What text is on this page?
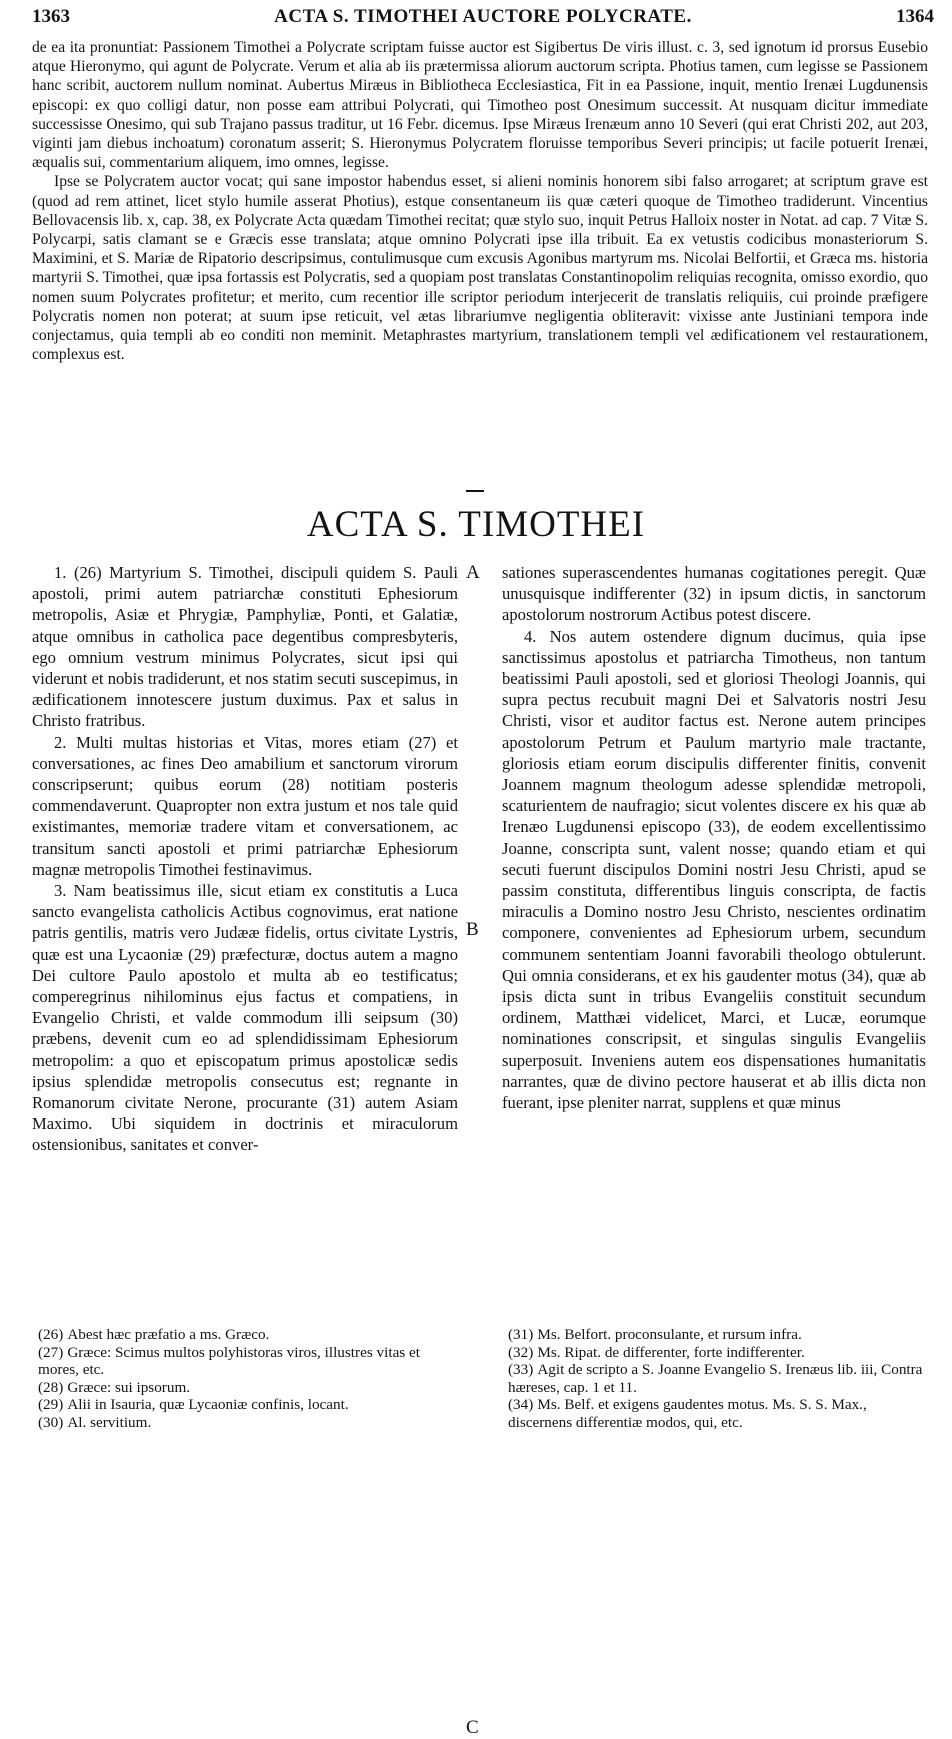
1363	ACTA S. TIMOTHEI AUCTORE POLYCRATE.	1364

de ea ita pronuntiat: Passionem Timothei a Polycrate scriptam fuisse auctor est Sigibertus De viris illust. c. 3, sed ignotum id prorsus Eusebio atque Hieronymo, qui agunt de Polycrate. Verum et alia ab iis prætermissa aliorum auctorum scripta. Photius tamen, cum legisse se Passionem hanc scribit, auctorem nullum nominat. Aubertus Miræus in Bibliotheca Ecclesiastica, Fit in ea Passione, inquit, mentio Irenæi Lugdunensis episcopi: ex quo colligi datur, non posse eam attribui Polycrati, qui Timotheo post Onesimum successit. At nusquam dicitur immediate successisse Onesimo, qui sub Trajano passus traditur, ut 16 Febr. dicemus. Ipse Miræus Irenæum anno 10 Severi (qui erat Christi 202, aut 203, viginti jam diebus inchoatum) coronatum asserit; S. Hieronymus Polycratem floruisse temporibus Severi principis; ut facile potuerit Irenæi, æqualis sui, commentarium aliquem, imo omnes, legisse.

Ipse se Polycratem auctor vocat; qui sane impostor habendus esset, si alieni nominis honorem sibi falso arrogaret; at scriptum grave est (quod ad rem attinet, licet stylo humile asserat Photius), estque consentaneum iis quæ cæteri quoque de Timotheo tradiderunt. Vincentius Bellovacensis lib. x, cap. 38, ex Polycrate Acta quædam Timothei recitat; quæ stylo suo, inquit Petrus Halloix noster in Notat. ad cap. 7 Vitæ S. Polycarpi, satis clamant se e Græcis esse translata; atque omnino Polycrati ipse illa tribuit. Ea ex vetustis codicibus monasteriorum S. Maximini, et S. Mariæ de Ripatorio descripsimus, contulimusque cum excusis Agonibus martyrum ms. Nicolai Belfortii, et Græca ms. historia martyrii S. Timothei, quæ ipsa fortassis est Polycratis, sed a quopiam post translatas Constantinopolim reliquias recognita, omisso exordio, quo nomen suum Polycrates profitetur; et merito, cum recentior ille scriptor periodum interjecerit de translatis reliquiis, cui proinde præfigere Polycratis nomen non poterat; at suum ipse reticuit, vel ætas librariumve negligentia obliteravit: vixisse ante Justiniani tempora inde conjectamus, quia templi ab eo conditi non meminit. Metaphrastes martyrium, translationem templi vel ædificationem vel restaurationem, complexus est.

ACTA S. TIMOTHEI

1. (26) Martyrium S. Timothei, discipuli quidem S. Pauli apostoli, primi autem patriarchæ constituti Ephesiorum metropolis, Asiæ et Phrygiæ, Pamphyliæ, Ponti, et Galatiæ, atque omnibus in catholica pace degentibus compresbyteris, ego omnium vestrum minimus Polycrates, sicut ipsi qui viderunt et nobis tradiderunt, et nos statim secuti suscepimus, in ædificationem innotescere justum duximus. Pax et salus in Christo fratribus.

2. Multi multas historias et Vitas, mores etiam (27) et conversationes, ac fines Deo amabilium et sanctorum virorum conscripserunt; quibus eorum (28) notitiam posteris commendaverunt. Quapropter non extra justum et nos tale quid existimantes, memoriæ tradere vitam et conversationem, ac transitum sancti apostoli et primi patriarchæ Ephesiorum magnæ metropolis Timothei festinavimus.

3. Nam beatissimus ille, sicut etiam ex constitutis a Luca sancto evangelista catholicis Actibus cognovimus, erat natione patris gentilis, matris vero Judææ fidelis, ortus civitate Lystris, quæ est una Lycaoniæ (29) præfecturæ, doctus autem a magno Dei cultore Paulo apostolo et multa ab eo testificatus; comperegrinus nihilominus ejus factus et compatiens, in Evangelio Christi, et valde commodum illi seipsum (30) præbens, devenit cum eo ad splendidissimam Ephesiorum metropolim: a quo et episcopatum primus apostolicæ sedis ipsius splendidæ metropolis consecutus est; regnante in Romanorum civitate Nerone, procurante (31) autem Asiam Maximo. Ubi siquidem in doctrinis et miraculorum ostensionibus, sanitates et conver-

A
B
C

sationes superascendentes humanas cogitationes peregit. Quæ unusquisque indifferenter (32) in ipsum dictis, in sanctorum apostolorum nostrorum Actibus potest discere.

4. Nos autem ostendere dignum ducimus, quia ipse sanctissimus apostolus et patriarcha Timotheus, non tantum beatissimi Pauli apostoli, sed et gloriosi Theologi Joannis, qui supra pectus recubuit magni Dei et Salvatoris nostri Jesu Christi, visor et auditor factus est. Nerone autem principes apostolorum Petrum et Paulum martyrio male tractante, gloriosis etiam eorum discipulis differenter finitis, convenit Joannem magnum theologum adesse splendidæ metropoli, scaturientem de naufragio; sicut volentes discere ex his quæ ab Irenæo Lugdunensi episcopo (33), de eodem excellentissimo Joanne, conscripta sunt, valent nosse; quando etiam et qui secuti fuerunt discipulos Domini nostri Jesu Christi, apud se passim constituta, differentibus linguis conscripta, de factis miraculis a Domino nostro Jesu Christo, nescientes ordinatim componere, convenientes ad Ephesiorum urbem, secundum communem sententiam Joanni favorabili theologo obtulerunt. Qui omnia considerans, et ex his gaudenter motus (34), quæ ab ipsis dicta sunt in tribus Evangeliis constituit secundum ordinem, Matthæi videlicet, Marci, et Lucæ, eorumque nominationes conscripsit, et singulas singulis Evangeliis superposuit. Inveniens autem eos dispensationes humanitatis narrantes, quæ de divino pectore hauserat et ab illis dicta non fuerant, ipse pleniter narrat, supplens et quæ minus

(26) Abest hæc præfatio a ms. Græco.

(27) Græce: Scimus multos polyhistoras viros, illustres vitas et mores, etc.

(28) Græce: sui ipsorum.

(29) Alii in Isauria, quæ Lycaoniæ confinis, locant.

(30) Al. servitium.

(31) Ms. Belfort. proconsulante, et rursum infra.

(32) Ms. Ripat. de differenter, forte indifferenter.

(33) Agit de scripto a S. Joanne Evangelio S. Irenæus lib. iii, Contra hæreses, cap. 1 et 11.

(34) Ms. Belf. et exigens gaudentes motus. Ms. S. S. Max., discernens differentiæ modos, qui, etc.
